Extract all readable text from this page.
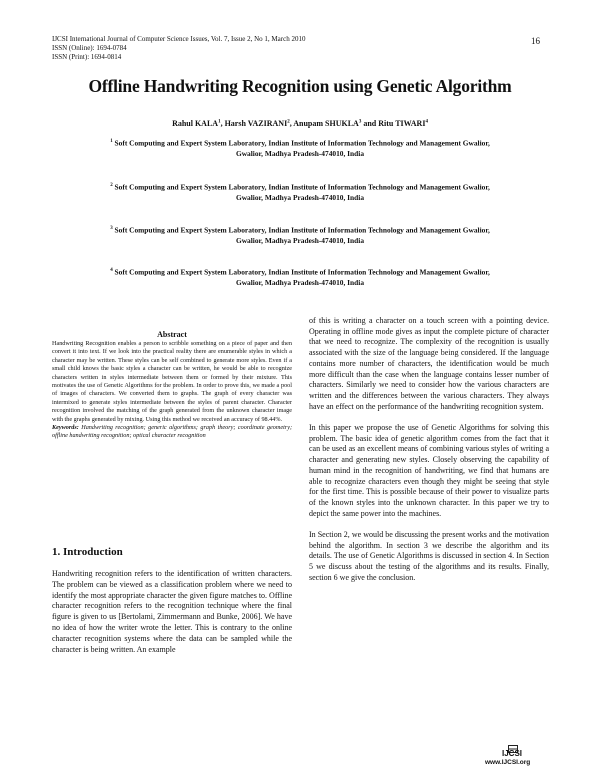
IJCSI International Journal of Computer Science Issues, Vol. 7, Issue 2, No 1, March 2010
ISSN (Online): 1694-0784
ISSN (Print): 1694-0814
16
Offline Handwriting Recognition using Genetic Algorithm
Rahul KALA$^1$, Harsh VAZIRANI$^2$, Anupam SHUKLA$^3$ and Ritu TIWARI$^4$
$^1$ Soft Computing and Expert System Laboratory, Indian Institute of Information Technology and Management Gwalior,
Gwalior, Madhya Pradesh-474010, India
$^2$ Soft Computing and Expert System Laboratory, Indian Institute of Information Technology and Management Gwalior,
Gwalior, Madhya Pradesh-474010, India
$^3$ Soft Computing and Expert System Laboratory, Indian Institute of Information Technology and Management Gwalior,
Gwalior, Madhya Pradesh-474010, India
$^4$ Soft Computing and Expert System Laboratory, Indian Institute of Information Technology and Management Gwalior,
Gwalior, Madhya Pradesh-474010, India
Abstract

Handwriting Recognition enables a person to scribble something on a piece of paper and then convert it into text. If we look into the practical reality there are enumerable styles in which a character may be written. These styles can be self combined to generate more styles. Even if a small child knows the basic styles a character can be written, he would be able to recognize characters written in styles intermediate between them or formed by their mixture. This motivates the use of Genetic Algorithms for the problem. In order to prove this, we made a pool of images of characters. We converted them to graphs. The graph of every character was intermixed to generate styles intermediate between the styles of parent character. Character recognition involved the matching of the graph generated from the unknown character image with the graphs generated by mixing. Using this method we received an accuracy of 98.44%.

Keywords: Handwriting recognition; generic algorithms; graph theory; coordinate geometry; offline handwriting recognition; optical character recognition

1. Introduction

Handwriting recognition refers to the identification of written characters. The problem can be viewed as a classification problem where we need to identify the most appropriate character the given figure matches to. Offline character recognition refers to the recognition technique where the final figure is given to us [Bertolami, Zimmermann and Bunke, 2006]. We have no idea of how the writer wrote the letter. This is contrary to the online character recognition systems where the data can be sampled while the character is being written. An example

of this is writing a character on a touch screen with a pointing device. Operating in offline mode gives as input the complete picture of character that we need to recognize. The complexity of the recognition is usually associated with the size of the language being considered. If the language contains more number of characters, the identification would be much more difficult than the case when the language contains lesser number of characters. Similarly we need to consider how the various characters are written and the differences between the various characters. They always have an effect on the performance of the handwriting recognition system.

In this paper we propose the use of Genetic Algorithms for solving this problem. The basic idea of genetic algorithm comes from the fact that it can be used as an excellent means of combining various styles of writing a character and generating new styles. Closely observing the capability of human mind in the recognition of handwriting, we find that humans are able to recognize characters even though they might be seeing that style for the first time. This is possible because of their power to visualize parts of the known styles into the unknown character. In this paper we try to depict the same power into the machines.

In Section 2, we would be discussing the present works and the motivation behind the algorithm. In section 3 we describe the algorithm and its details. The use of Genetic Algorithms is discussed in section 4. In Section 5 we discuss about the testing of the algorithms and its results. Finally, section 6 we give the conclusion.

IJCSI
www.IJCSI.org
